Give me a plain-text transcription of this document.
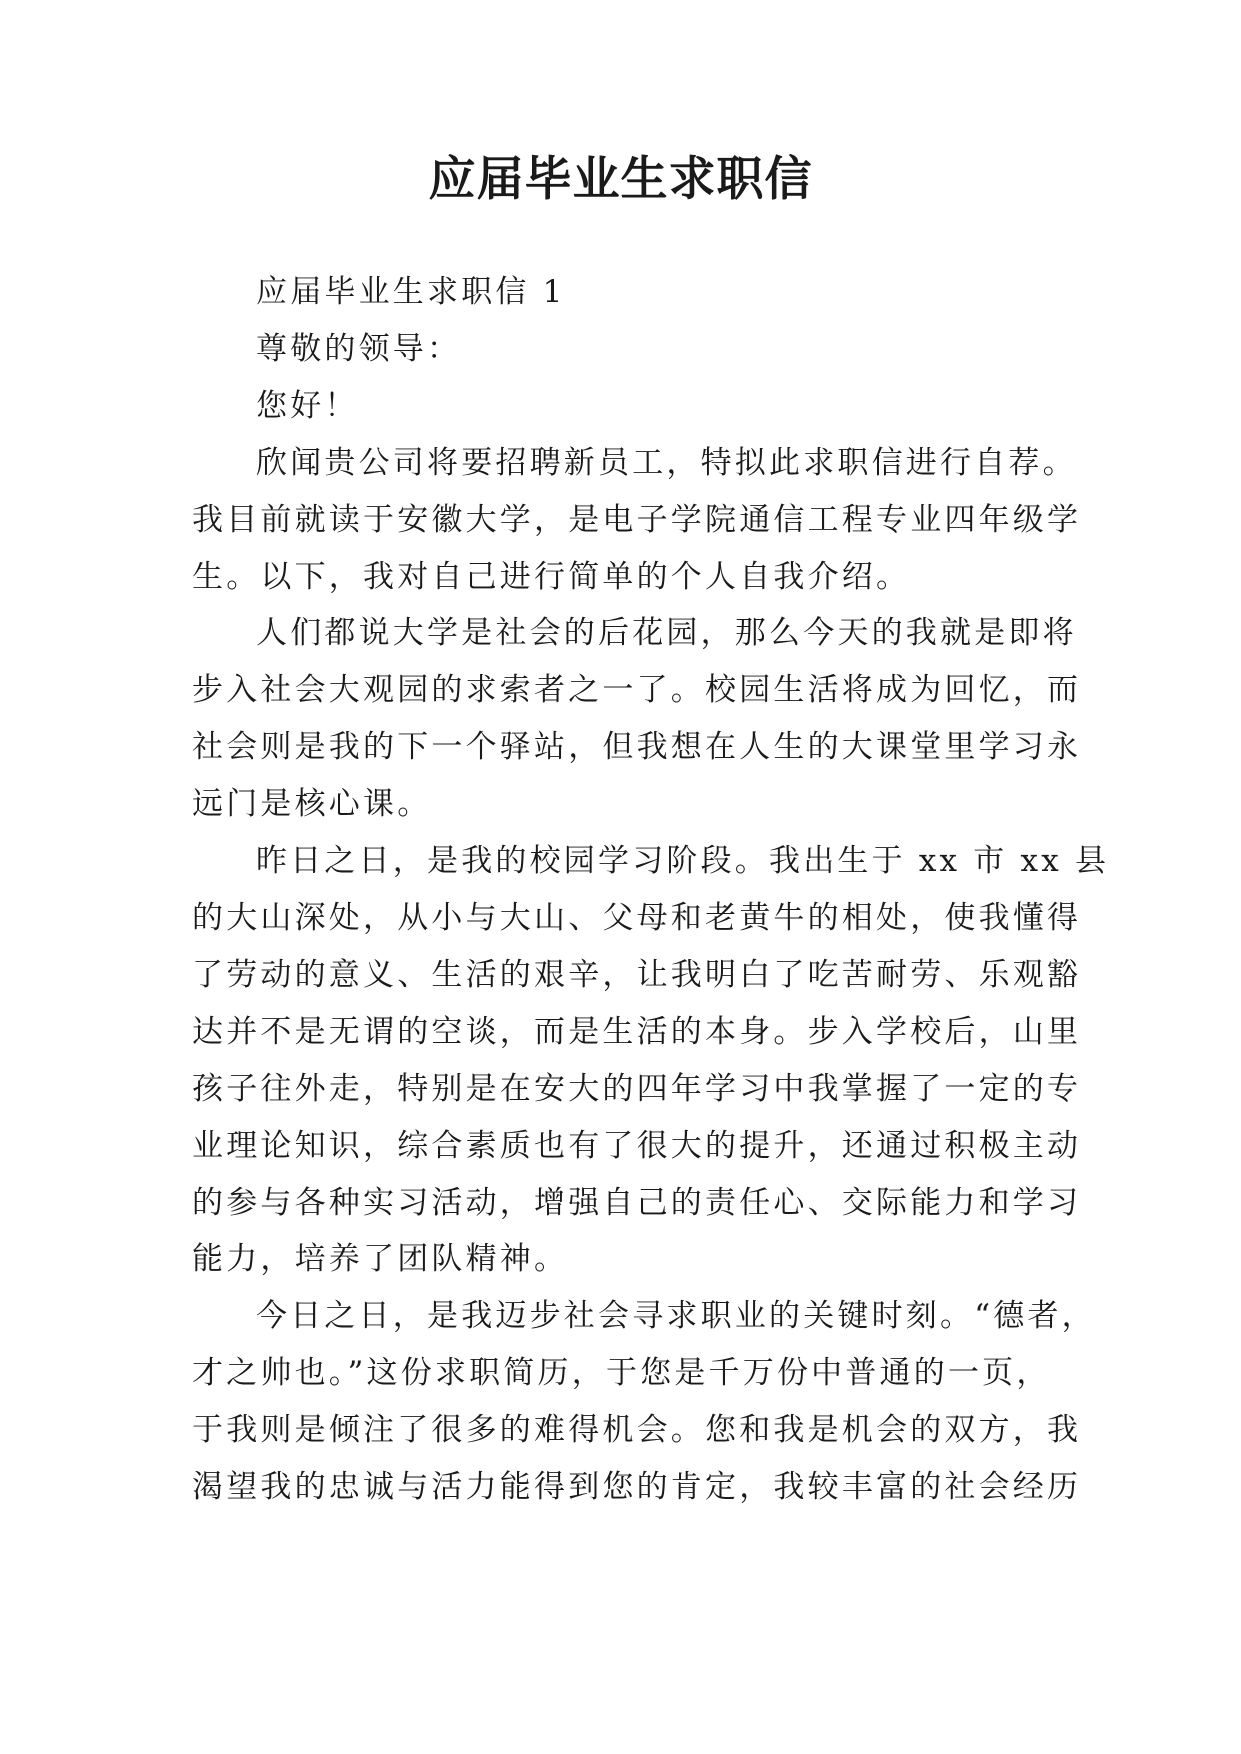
应届毕业生求职信
应届毕业生求职信 1
尊敬的领导：
您好！
欣闻贵公司将要招聘新员工，特拟此求职信进行自荐。
我目前就读于安徽大学，是电子学院通信工程专业四年级学
生。以下，我对自己进行简单的个人自我介绍。
人们都说大学是社会的后花园，那么今天的我就是即将
步入社会大观园的求索者之一了。校园生活将成为回忆，而
社会则是我的下一个驿站，但我想在人生的大课堂里学习永
远门是核心课。
昨日之日，是我的校园学习阶段。我出生于 xx 市 xx 县
的大山深处，从小与大山、父母和老黄牛的相处，使我懂得
了劳动的意义、生活的艰辛，让我明白了吃苦耐劳、乐观豁
达并不是无谓的空谈，而是生活的本身。步入学校后，山里
孩子往外走，特别是在安大的四年学习中我掌握了一定的专
业理论知识，综合素质也有了很大的提升，还通过积极主动
的参与各种实习活动，增强自己的责任心、交际能力和学习
能力，培养了团队精神。
今日之日，是我迈步社会寻求职业的关键时刻。“德者，
才之帅也。”这份求职简历，于您是千万份中普通的一页，
于我则是倾注了很多的难得机会。您和我是机会的双方，我
渴望我的忠诚与活力能得到您的肯定，我较丰富的社会经历
